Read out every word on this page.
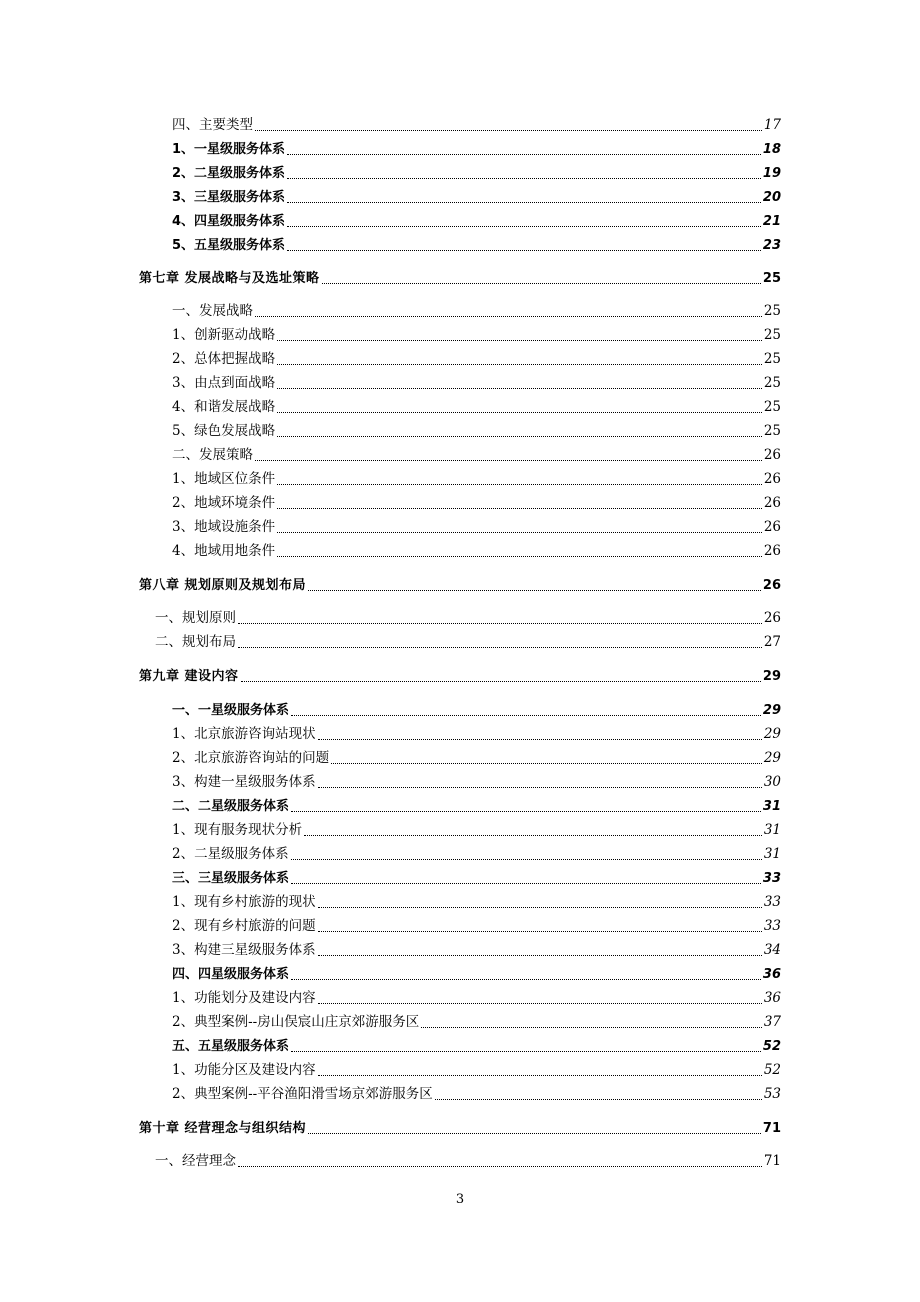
四、主要类型	17
1、一星级服务体系	18
2、二星级服务体系	19
3、三星级服务体系	20
4、四星级服务体系	21
5、五星级服务体系	23
第七章 发展战略与及选址策略	25
一、发展战略	25
1、创新驱动战略	25
2、总体把握战略	25
3、由点到面战略	25
4、和谐发展战略	25
5、绿色发展战略	25
二、发展策略	26
1、地域区位条件	26
2、地域环境条件	26
3、地域设施条件	26
4、地域用地条件	26
第八章 规划原则及规划布局	26
一、规划原则	26
二、规划布局	27
第九章 建设内容	29
一、一星级服务体系	29
1、北京旅游咨询站现状	29
2、北京旅游咨询站的问题	29
3、构建一星级服务体系	30
二、二星级服务体系	31
1、现有服务现状分析	31
2、二星级服务体系	31
三、三星级服务体系	33
1、现有乡村旅游的现状	33
2、现有乡村旅游的问题	33
3、构建三星级服务体系	34
四、四星级服务体系	36
1、功能划分及建设内容	36
2、典型案例--房山俣宸山庄京郊游服务区	37
五、五星级服务体系	52
1、功能分区及建设内容	52
2、典型案例--平谷渔阳滑雪场京郊游服务区	53
第十章 经营理念与组织结构	71
一、经营理念	71
3
